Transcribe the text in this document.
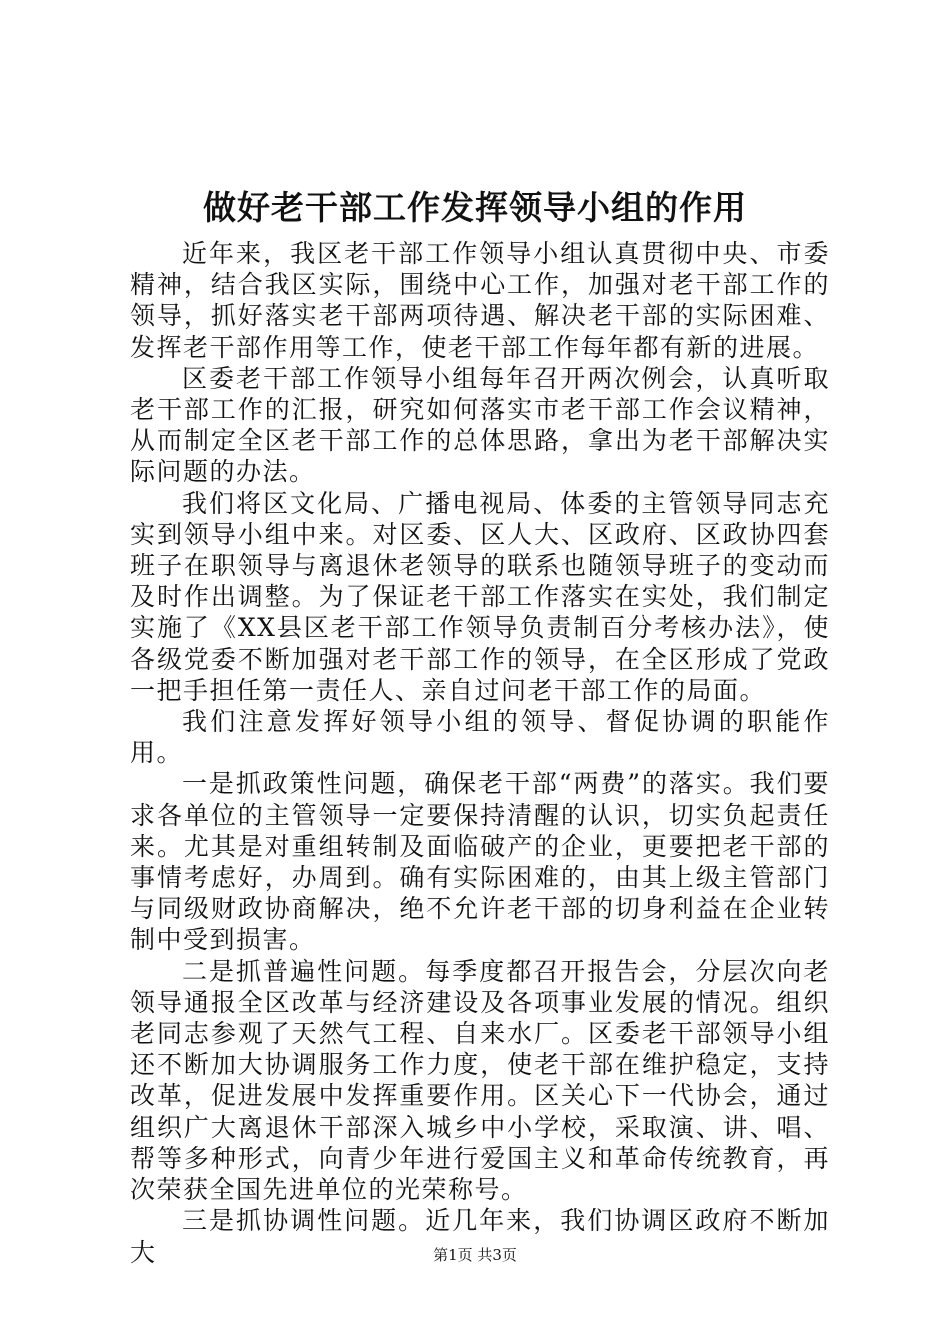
做好老干部工作发挥领导小组的作用

近年来，我区老干部工作领导小组认真贯彻中央、市委精神，结合我区实际，围绕中心工作，加强对老干部工作的领导，抓好落实老干部两项待遇、解决老干部的实际困难、发挥老干部作用等工作，使老干部工作每年都有新的进展。

区委老干部工作领导小组每年召开两次例会，认真听取老干部工作的汇报，研究如何落实市老干部工作会议精神，从而制定全区老干部工作的总体思路，拿出为老干部解决实际问题的办法。

我们将区文化局、广播电视局、体委的主管领导同志充实到领导小组中来。对区委、区人大、区政府、区政协四套班子在职领导与离退休老领导的联系也随领导班子的变动而及时作出调整。为了保证老干部工作落实在实处，我们制定实施了《XX县区老干部工作领导负责制百分考核办法》，使各级党委不断加强对老干部工作的领导，在全区形成了党政一把手担任第一责任人、亲自过问老干部工作的局面。

我们注意发挥好领导小组的领导、督促协调的职能作用。

一是抓政策性问题，确保老干部“两费”的落实。我们要求各单位的主管领导一定要保持清醒的认识，切实负起责任来。尤其是对重组转制及面临破产的企业，更要把老干部的事情考虑好，办周到。确有实际困难的，由其上级主管部门与同级财政协商解决，绝不允许老干部的切身利益在企业转制中受到损害。

二是抓普遍性问题。每季度都召开报告会，分层次向老领导通报全区改革与经济建设及各项事业发展的情况。组织老同志参观了天然气工程、自来水厂。区委老干部领导小组还不断加大协调服务工作力度，使老干部在维护稳定，支持改革，促进发展中发挥重要作用。区关心下一代协会，通过组织广大离退休干部深入城乡中小学校，采取演、讲、唱、帮等多种形式，向青少年进行爱国主义和革命传统教育，再次荣获全国先进单位的光荣称号。

三是抓协调性问题。近几年来，我们协调区政府不断加大	第1页 共3页
